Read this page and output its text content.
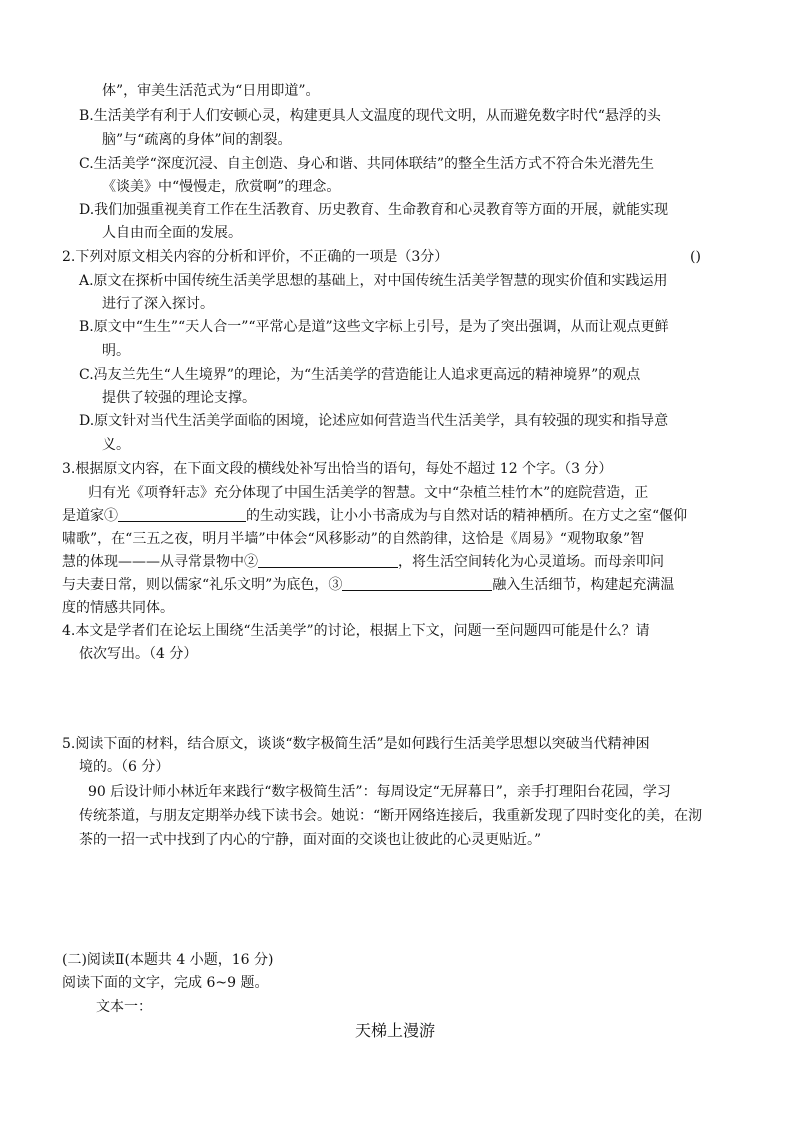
体”，审美生活范式为“日用即道”。
B.生活美学有利于人们安顿心灵，构建更具人文温度的现代文明，从而避免数字时代“悬浮的头
脑”与“疏离的身体”间的割裂。
C.生活美学“深度沉浸、自主创造、身心和谐、共同体联结”的整全生活方式不符合朱光潜先生
《谈美》中“慢慢走，欣赏啊”的理念。
D.我们加强重视美育工作在生活教育、历史教育、生命教育和心灵教育等方面的开展，就能实现
人自由而全面的发展。
2.下列对原文相关内容的分析和评价，不正确的一项是（3分）	()
A.原文在探析中国传统生活美学思想的基础上，对中国传统生活美学智慧的现实价值和实践运用
进行了深入探讨。
B.原文中“生生”“天人合一”“平常心是道”这些文字标上引号，是为了突出强调，从而让观点更鲜
明。
C.冯友兰先生“人生境界”的理论，为“生活美学的营造能让人追求更高远的精神境界”的观点
提供了较强的理论支撑。
D.原文针对当代生活美学面临的困境，论述应如何营造当代生活美学，具有较强的现实和指导意
义。
3.根据原文内容，在下面文段的横线处补写出恰当的语句，每处不超过 12 个字。（3 分）
归有光《项脊轩志》充分体现了中国生活美学的智慧。文中“杂植兰桂竹木”的庭院营造，正
是道家①	的生动实践，让小小书斋成为与自然对话的精神栖所。在方丈之室“偃仰
啸歌”，在“三五之夜，明月半墙”中体会“风移影动”的自然韵律，这恰是《周易》“观物取象”智
慧的体现———从寻常景物中②	，将生活空间转化为心灵道场。而母亲叩问
与夫妻日常，则以儒家“礼乐文明”为底色，③	融入生活细节，构建起充满温
度的情感共同体。
4.本文是学者们在论坛上围绕“生活美学”的讨论，根据上下文，问题一至问题四可能是什么？请
依次写出。（4 分）
5.阅读下面的材料，结合原文，谈谈“数字极简生活”是如何践行生活美学思想以突破当代精神困
境的。（6 分）
90 后设计师小林近年来践行“数字极简生活”：每周设定“无屏幕日”，亲手打理阳台花园，学习
传统茶道，与朋友定期举办线下读书会。她说：“断开网络连接后，我重新发现了四时变化的美，在沏
茶的一招一式中找到了内心的宁静，面对面的交谈也让彼此的心灵更贴近。”
(二)阅读Ⅱ(本题共 4 小题，16 分)
阅读下面的文字，完成 6~9 题。
文本一：
天梯上漫游
